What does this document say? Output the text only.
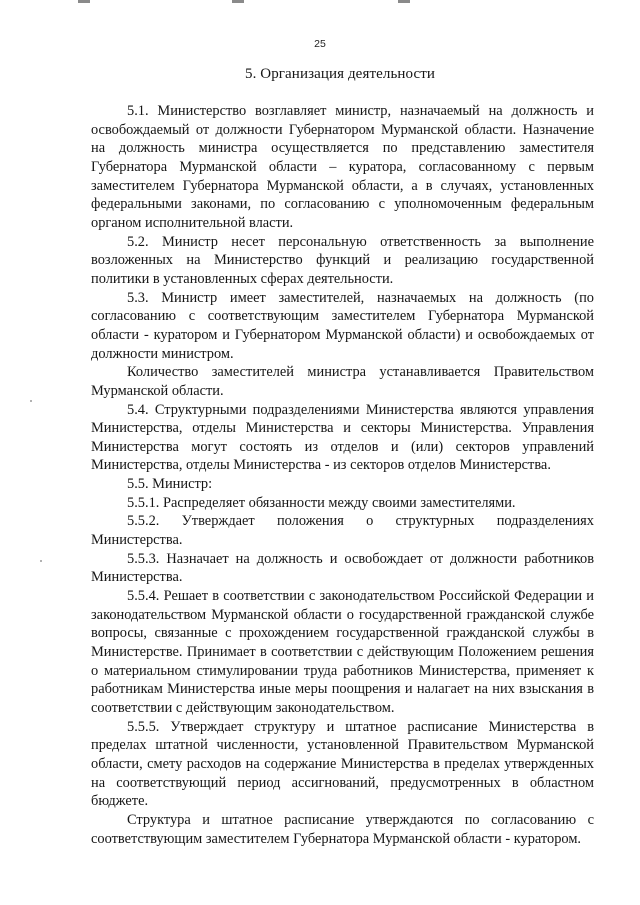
25
5. Организация деятельности

5.1. Министерство возглавляет министр, назначаемый на должность и освобождаемый от должности Губернатором Мурманской области. Назначение на должность министра осуществляется по представлению заместителя Губернатора Мурманской области – куратора, согласованному с первым заместителем Губернатора Мурманской области, а в случаях, установленных федеральными законами, по согласованию с уполномоченным федеральным органом исполнительной власти.

5.2. Министр несет персональную ответственность за выполнение возложенных на Министерство функций и реализацию государственной политики в установленных сферах деятельности.

5.3. Министр имеет заместителей, назначаемых на должность (по согласованию с соответствующим заместителем Губернатора Мурманской области - куратором и Губернатором Мурманской области) и освобождаемых от должности министром.

Количество заместителей министра устанавливается Правительством Мурманской области.

5.4. Структурными подразделениями Министерства являются управления Министерства, отделы Министерства и секторы Министерства. Управления Министерства могут состоять из отделов и (или) секторов управлений Министерства, отделы Министерства - из секторов отделов Министерства.

5.5. Министр:

5.5.1. Распределяет обязанности между своими заместителями.

5.5.2. Утверждает положения о структурных подразделениях Министерства.

5.5.3. Назначает на должность и освобождает от должности работников Министерства.

5.5.4. Решает в соответствии с законодательством Российской Федерации и законодательством Мурманской области о государственной гражданской службе вопросы, связанные с прохождением государственной гражданской службы в Министерстве. Принимает в соответствии с действующим Положением решения о материальном стимулировании труда работников Министерства, применяет к работникам Министерства иные меры поощрения и налагает на них взыскания в соответствии с действующим законодательством.

5.5.5. Утверждает структуру и штатное расписание Министерства в пределах штатной численности, установленной Правительством Мурманской области, смету расходов на содержание Министерства в пределах утвержденных на соответствующий период ассигнований, предусмотренных в областном бюджете.

Структура и штатное расписание утверждаются по согласованию с соответствующим заместителем Губернатора Мурманской области - куратором.
